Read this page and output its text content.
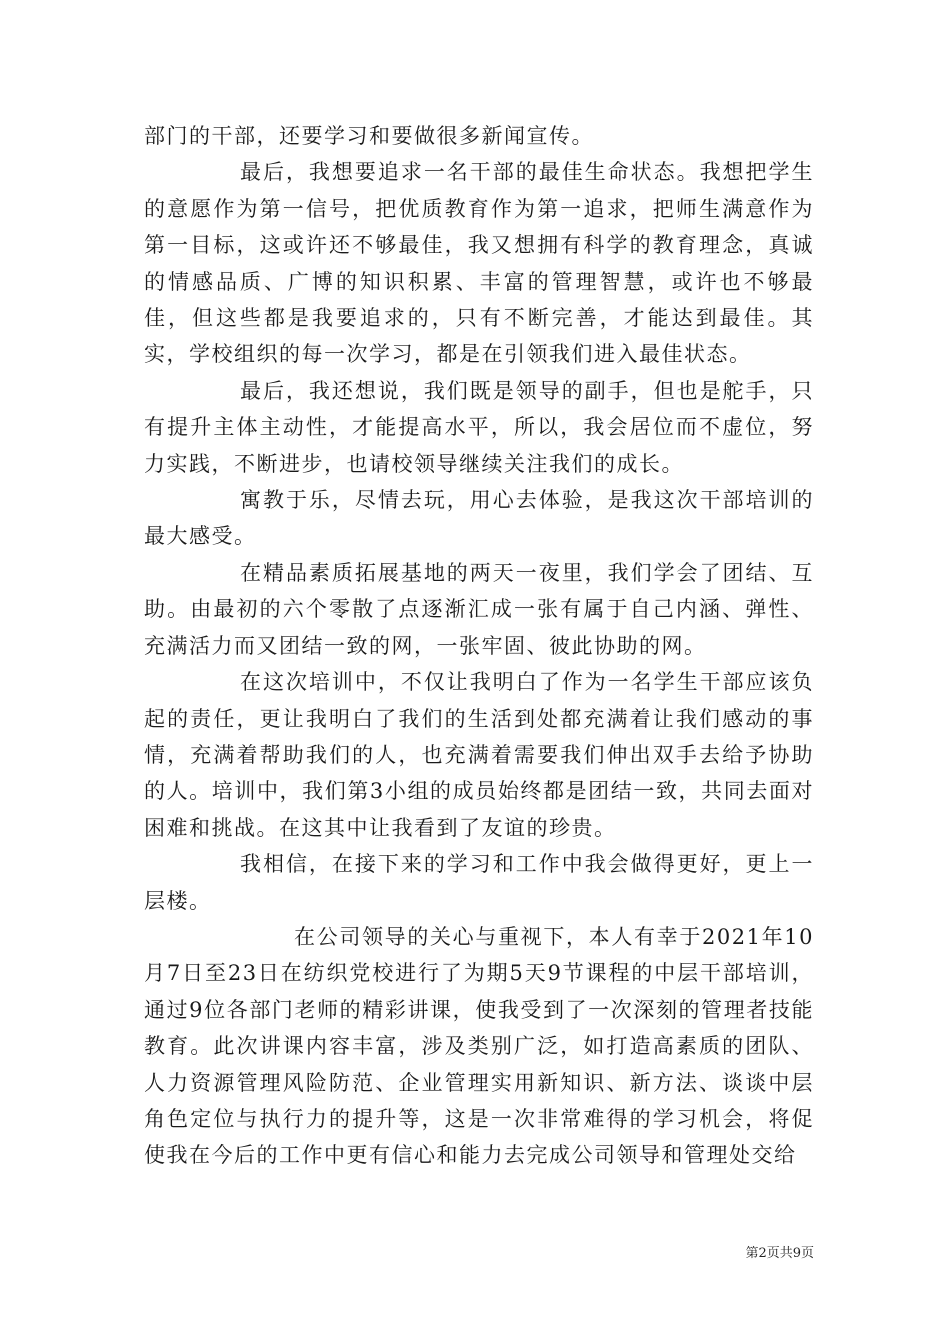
部门的干部，还要学习和要做很多新闻宣传。

最后，我想要追求一名干部的最佳生命状态。我想把学生的意愿作为第一信号，把优质教育作为第一追求，把师生满意作为第一目标，这或许还不够最佳，我又想拥有科学的教育理念，真诚的情感品质、广博的知识积累、丰富的管理智慧，或许也不够最佳，但这些都是我要追求的，只有不断完善，才能达到最佳。其实，学校组织的每一次学习，都是在引领我们进入最佳状态。

最后，我还想说，我们既是领导的副手，但也是舵手，只有提升主体主动性，才能提高水平，所以，我会居位而不虚位，努力实践，不断进步，也请校领导继续关注我们的成长。

寓教于乐，尽情去玩，用心去体验，是我这次干部培训的最大感受。

在精品素质拓展基地的两天一夜里，我们学会了团结、互助。由最初的六个零散了点逐渐汇成一张有属于自己内涵、弹性、充满活力而又团结一致的网，一张牢固、彼此协助的网。

在这次培训中，不仅让我明白了作为一名学生干部应该负起的责任，更让我明白了我们的生活到处都充满着让我们感动的事情，充满着帮助我们的人，也充满着需要我们伸出双手去给予协助的人。培训中，我们第3小组的成员始终都是团结一致，共同去面对困难和挑战。在这其中让我看到了友谊的珍贵。

我相信，在接下来的学习和工作中我会做得更好，更上一层楼。

在公司领导的关心与重视下，本人有幸于2021年10月7日至23日在纺织党校进行了为期5天9节课程的中层干部培训，通过9位各部门老师的精彩讲课，使我受到了一次深刻的管理者技能教育。此次讲课内容丰富，涉及类别广泛，如打造高素质的团队、人力资源管理风险防范、企业管理实用新知识、新方法、谈谈中层角色定位与执行力的提升等，这是一次非常难得的学习机会，将促使我在今后的工作中更有信心和能力去完成公司领导和管理处交给

第2页共9页
